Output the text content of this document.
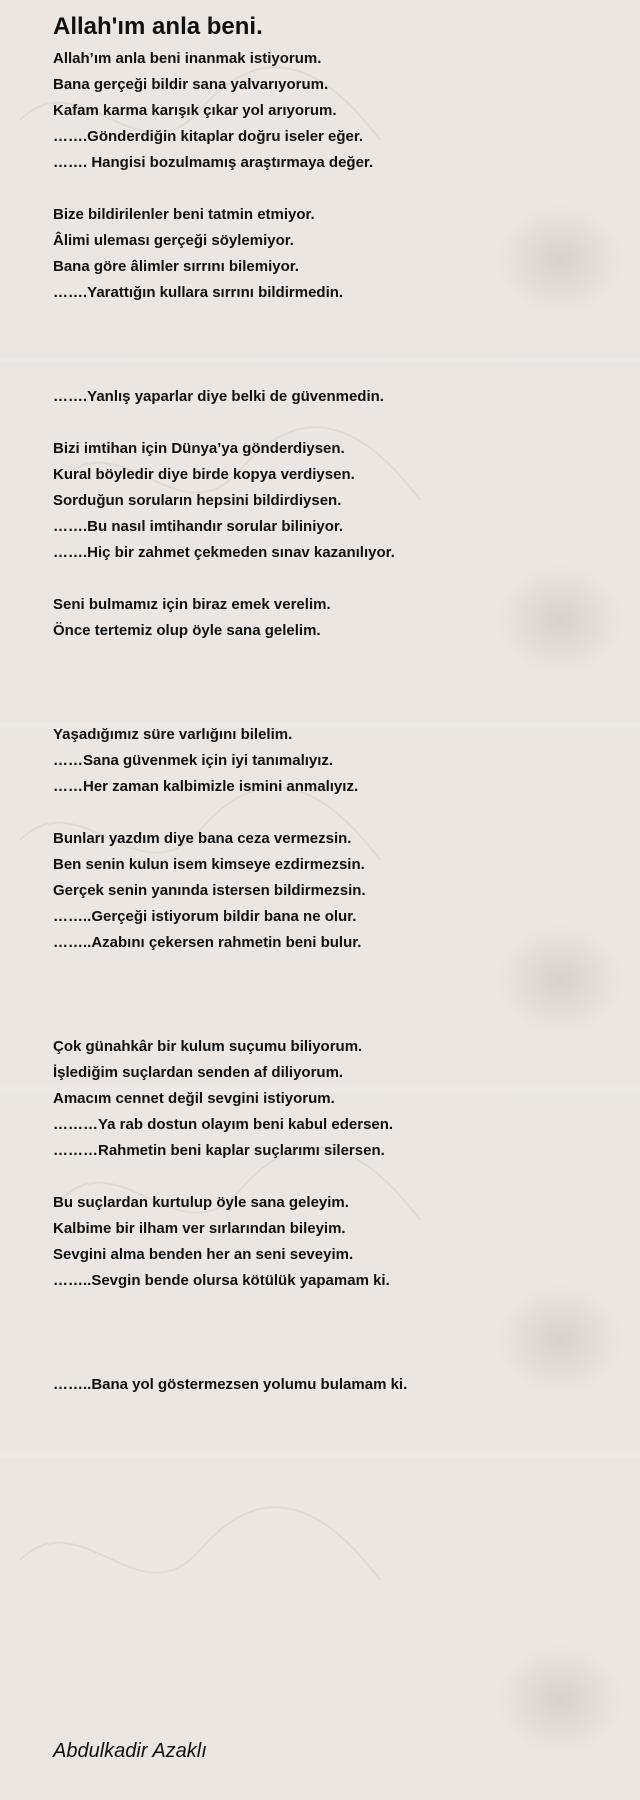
Allah'ım anla beni.
Allah’ım anla beni inanmak istiyorum.
Bana gerçeği bildir sana yalvarıyorum.
Kafam karma karışık çıkar yol arıyorum.
…….Gönderdiğin kitaplar doğru iseler eğer.
……. Hangisi bozulmamış araştırmaya değer.
Bize bildirilenler beni tatmin etmiyor.
Âlimi uleması gerçeği söylemiyor.
Bana göre âlimler sırrını bilemiyor.
…….Yarattığın kullara sırrını bildirmedin.
…….Yanlış yaparlar diye belki de güvenmedin.
Bizi imtihan için Dünya’ya gönderdiysen.
Kural böyledir diye birde kopya verdiysen.
Sorduğun soruların hepsini bildirdiysen.
…….Bu nasıl imtihandır sorular biliniyor.
…….Hiç bir zahmet çekmeden sınav kazanılıyor.
Seni bulmamız için biraz emek verelim.
Önce tertemiz olup öyle sana gelelim.
Yaşadığımız süre varlığını bilelim.
……Sana güvenmek için iyi tanımalıyız.
……Her zaman kalbimizle ismini anmalıyız.
Bunları yazdım diye bana ceza vermezsin.
Ben senin kulun isem kimseye ezdirmezsin.
Gerçek senin yanında istersen bildirmezsin.
……..Gerçeği istiyorum bildir bana ne olur.
……..Azabını çekersen rahmetin beni bulur.
Çok günahkâr bir kulum suçumu biliyorum.
İşlediğim suçlardan senden af diliyorum.
Amacım cennet değil sevgini istiyorum.
………Ya rab dostun olayım beni kabul edersen.
………Rahmetin beni kaplar suçlarımı silersen.
Bu suçlardan kurtulup öyle sana geleyim.
Kalbime bir ilham ver sırlarından bileyim.
Sevgini alma benden her an seni seveyim.
……..Sevgin bende olursa kötülük yapamam ki.
……..Bana yol göstermezsen yolumu bulamam ki.
Abdulkadir Azaklı
